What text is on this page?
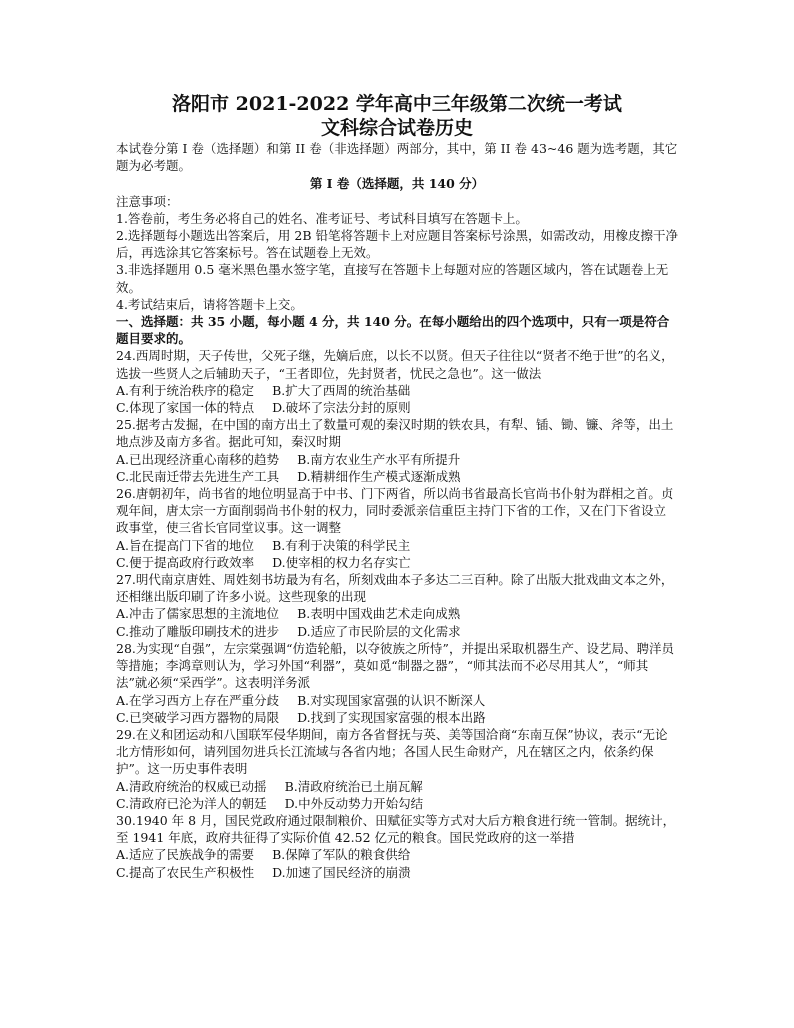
洛阳市 2021-2022 学年高中三年级第二次统一考试

文科综合试卷历史

本试卷分第 I 卷（选择题）和第 II 卷（非选择题）两部分，其中，第 II 卷 43~46 题为选考题，其它题为必考题。

第 I 卷（选择题，共 140 分）

注意事项：

1.答卷前，考生务必将自己的姓名、准考证号、考试科目填写在答题卡上。

2.选择题每小题选出答案后，用 2B 铅笔将答题卡上对应题目答案标号涂黑，如需改动，用橡皮擦干净后，再选涂其它答案标号。答在试题卷上无效。

3.非选择题用 0.5 毫米黑色墨水签字笔，直接写在答题卡上每题对应的答题区域内，答在试题卷上无效。

4.考试结束后，请将答题卡上交。

一、选择题：共 35 小题，每小题 4 分，共 140 分。在每小题给出的四个选项中，只有一项是符合题目要求的。

24.西周时期，天子传世，父死子继，先嫡后庶，以长不以贤。但天子往往以“贤者不绝于世”的名义，选拔一些贤人之后辅助天子，“王者即位，先封贤者，忧民之急也”。这一做法

A.有利于统治秩序的稳定 B.扩大了西周的统治基础
C.体现了家国一体的特点 D.破坏了宗法分封的原则

25.据考古发掘，在中国的南方出土了数量可观的秦汉时期的铁农具，有犁、锸、锄、镰、斧等，出土地点涉及南方多省。据此可知，秦汉时期

A.已出现经济重心南移的趋势 B.南方农业生产水平有所提升
C.北民南迁带去先进生产工具 D.精耕细作生产模式逐渐成熟

26.唐朝初年，尚书省的地位明显高于中书、门下两省，所以尚书省最高长官尚书仆射为群相之首。贞观年间，唐太宗一方面削弱尚书仆射的权力，同时委派亲信重臣主持门下省的工作，又在门下省设立政事堂，使三省长官同堂议事。这一调整

A.旨在提高门下省的地位 B.有利于决策的科学民主
C.便于提高政府行政效率 D.使宰相的权力名存实亡

27.明代南京唐姓、周姓刻书坊最为有名，所刻戏曲本子多达二三百种。除了出版大批戏曲文本之外，还相继出版印刷了许多小说。这些现象的出现

A.冲击了儒家思想的主流地位 B.表明中国戏曲艺术走向成熟
C.推动了雕版印刷技术的进步 D.适应了市民阶层的文化需求

28.为实现“自强”，左宗棠强调“仿造轮船，以夺彼族之所恃”，并提出采取机器生产、设艺局、聘洋员等措施；李鸿章则认为，学习外国“利器”，莫如觅“制器之器”，“师其法而不必尽用其人”，“师其法”就必须“采西学”。这表明洋务派

A.在学习西方上存在严重分歧 B.对实现国家富强的认识不断深人
C.已突破学习西方器物的局限 D.找到了实现国家富强的根本出路

29.在义和团运动和八国联军侵华期间，南方各省督抚与英、美等国洽商“东南互保”协议，表示“无论北方情形如何，请列国勿进兵长江流域与各省内地；各国人民生命财产，凡在辖区之内，依条约保护”。这一历史事件表明

A.清政府统治的权威已动摇 B.清政府统治已土崩瓦解
C.清政府已沦为洋人的朝廷 D.中外反动势力开始勾结

30.1940 年 8 月，国民党政府通过限制粮价、田赋征实等方式对大后方粮食进行统一管制。据统计，至 1941 年底，政府共征得了实际价值 42.52 亿元的粮食。国民党政府的这一举措

A.适应了民族战争的需要 B.保障了军队的粮食供给
C.提高了农民生产积极性 D.加速了国民经济的崩溃
